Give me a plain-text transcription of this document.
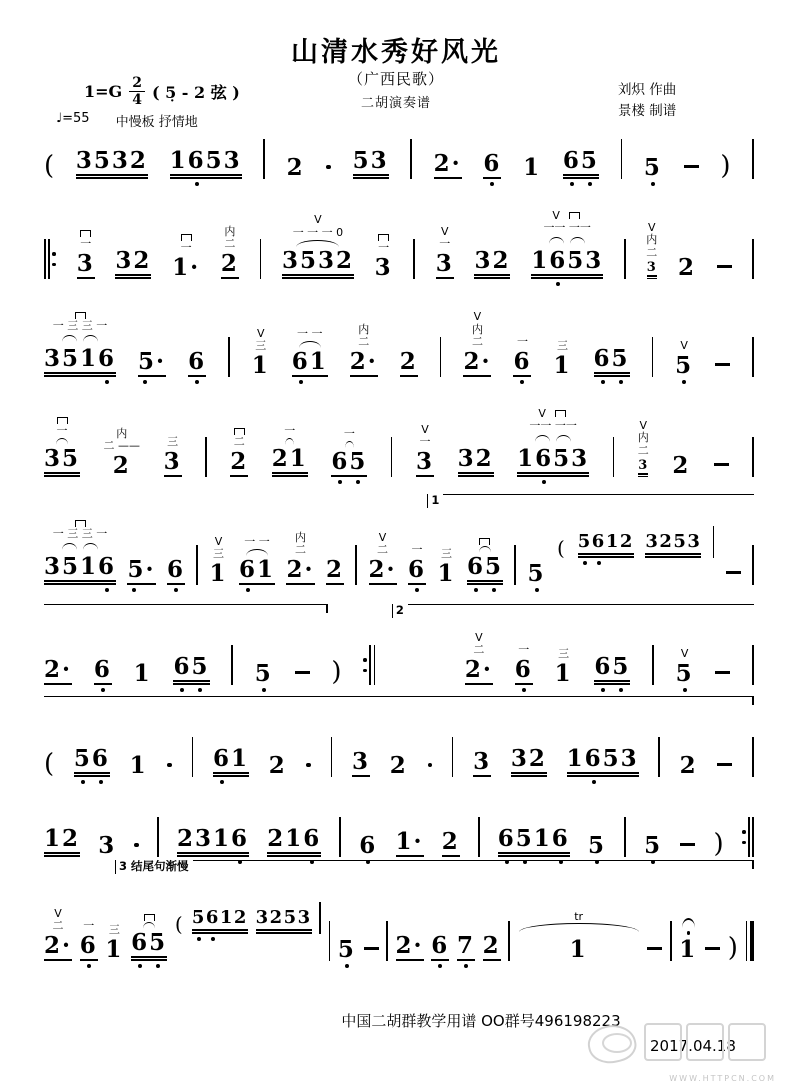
山清水秀好风光
（广西民歌）
二胡演奏谱
$1=G \frac{2}{4}$ ( 5̣ - 2 弦 )
♩=55 中慢板 抒情地
刘炽 作曲
景楼 制谱
( 3532 1653 2 53 2· 6 1 65 5 )
一
3 32	一
1·
内
二
2
V
一 一 一 0
3532 一
3
V
一
3 32
V
一一 一一

1653
V
内
二
3 2
一 三 三 一

3516 5· 6
V
三
1
一 一
61
内
二
2· 2
V
内
二
2·
一
6
三
1 65	V
5
一
35
内
二 ——
2
三
3
二
2
一
21
一
65
V
一
3 32
V
一一 一一

1653
V
内
二
3 2
1
一 三 三 一

3516 5· 6
V
三
1
一 一
61
内
二
2· 2
V
二
2·
一
6
三
1 65 5
( 5612 3253
2
2· 6 1 65 5 )
V
二
2·
一
6
三
1 65	V
5
( 56 1	61 2	3 2	3 32 1653 2
12 3	2316 216 6 1· 2 6516 5 5 )
3 结尾句渐慢
V
二
2·
一
6
三
1 65
( 5612 3253
5 2· 6 7 2
tr
1	1 )
中国二胡群教学用谱 OO群号496198223
2017.04.18
WWW.HTTPCN.COM
